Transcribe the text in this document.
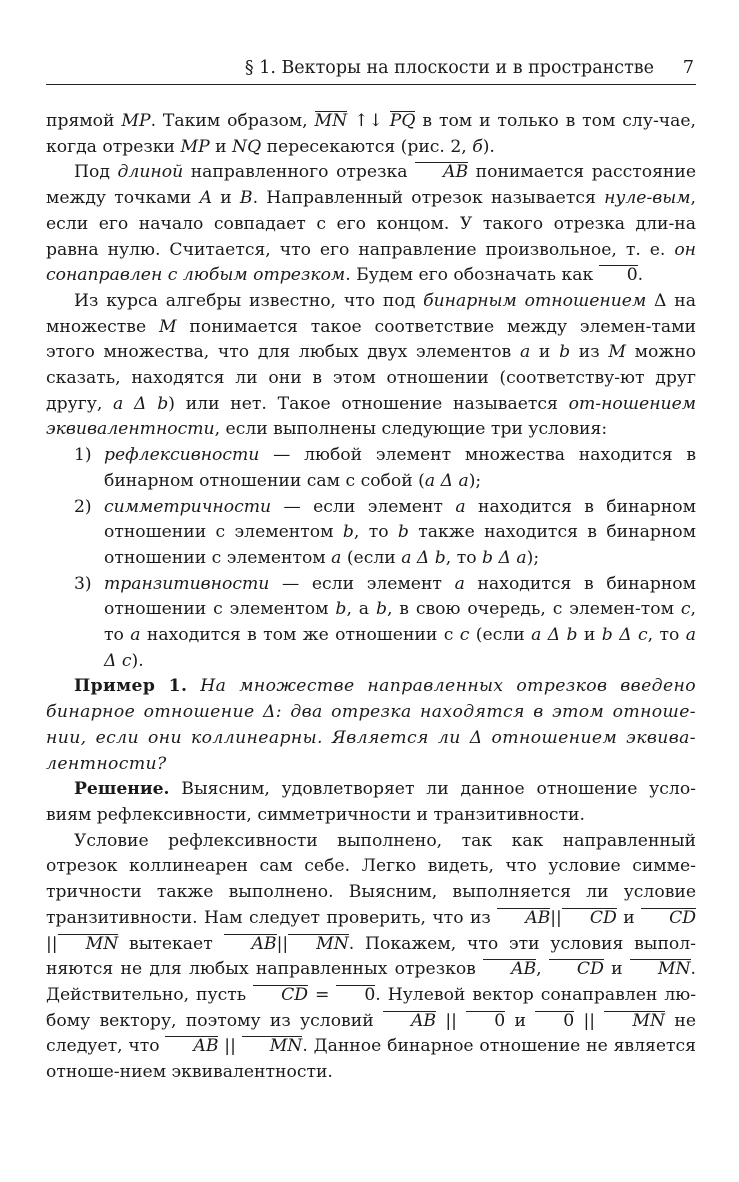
§ 1. Векторы на плоскости и в пространстве 7

прямой MP. Таким образом, MN ↑↓ PQ в том и только в том слу-чае, когда отрезки MP и NQ пересекаются (рис. 2, б).

Под длиной направленного отрезка AB понимается расстояние между точками A и B. Направленный отрезок называется нуле-вым, если его начало совпадает с его концом. У такого отрезка дли-на равна нулю. Считается, что его направление произвольное, т. е. он сонаправлен с любым отрезком. Будем его обозначать как 0.

Из курса алгебры известно, что под бинарным отношением Δ на множестве M понимается такое соответствие между элемен-тами этого множества, что для любых двух элементов a и b из M можно сказать, находятся ли они в этом отношении (соответству-ют друг другу, a Δ b) или нет. Такое отношение называется от-ношением эквивалентности, если выполнены следующие три условия:

1) рефлексивности — любой элемент множества находится в бинарном отношении сам с собой (a Δ a);
2) симметричности — если элемент a находится в бинарном отношении с элементом b, то b также находится в бинарном отношении с элементом a (если a Δ b, то b Δ a);
3) транзитивности — если элемент a находится в бинарном отношении с элементом b, а b, в свою очередь, с элемен-том c, то a находится в том же отношении с c (если a Δ b и b Δ c, то a Δ c).

Пример 1. На множестве направленных отрезков введено бинарное отношение Δ: два отрезка находятся в этом отноше-нии, если они коллинеарны. Является ли Δ отношением эквива-лентности?

Решение. Выясним, удовлетворяет ли данное отношение усло-виям рефлексивности, симметричности и транзитивности.

Условие рефлексивности выполнено, так как направленный отрезок коллинеарен сам себе. Легко видеть, что условие симме-тричности также выполнено. Выясним, выполняется ли условие транзитивности. Нам следует проверить, что из AB|| CD и CD|| MN вытекает AB|| MN. Покажем, что эти условия выпол-няются не для любых направленных отрезков AB, CD и MN. Действительно, пусть CD = 0. Нулевой вектор сонаправлен лю-бому вектору, поэтому из условий AB || 0 и 0 || MN не следует, что AB || MN. Данное бинарное отношение не является отноше-нием эквивалентности.
